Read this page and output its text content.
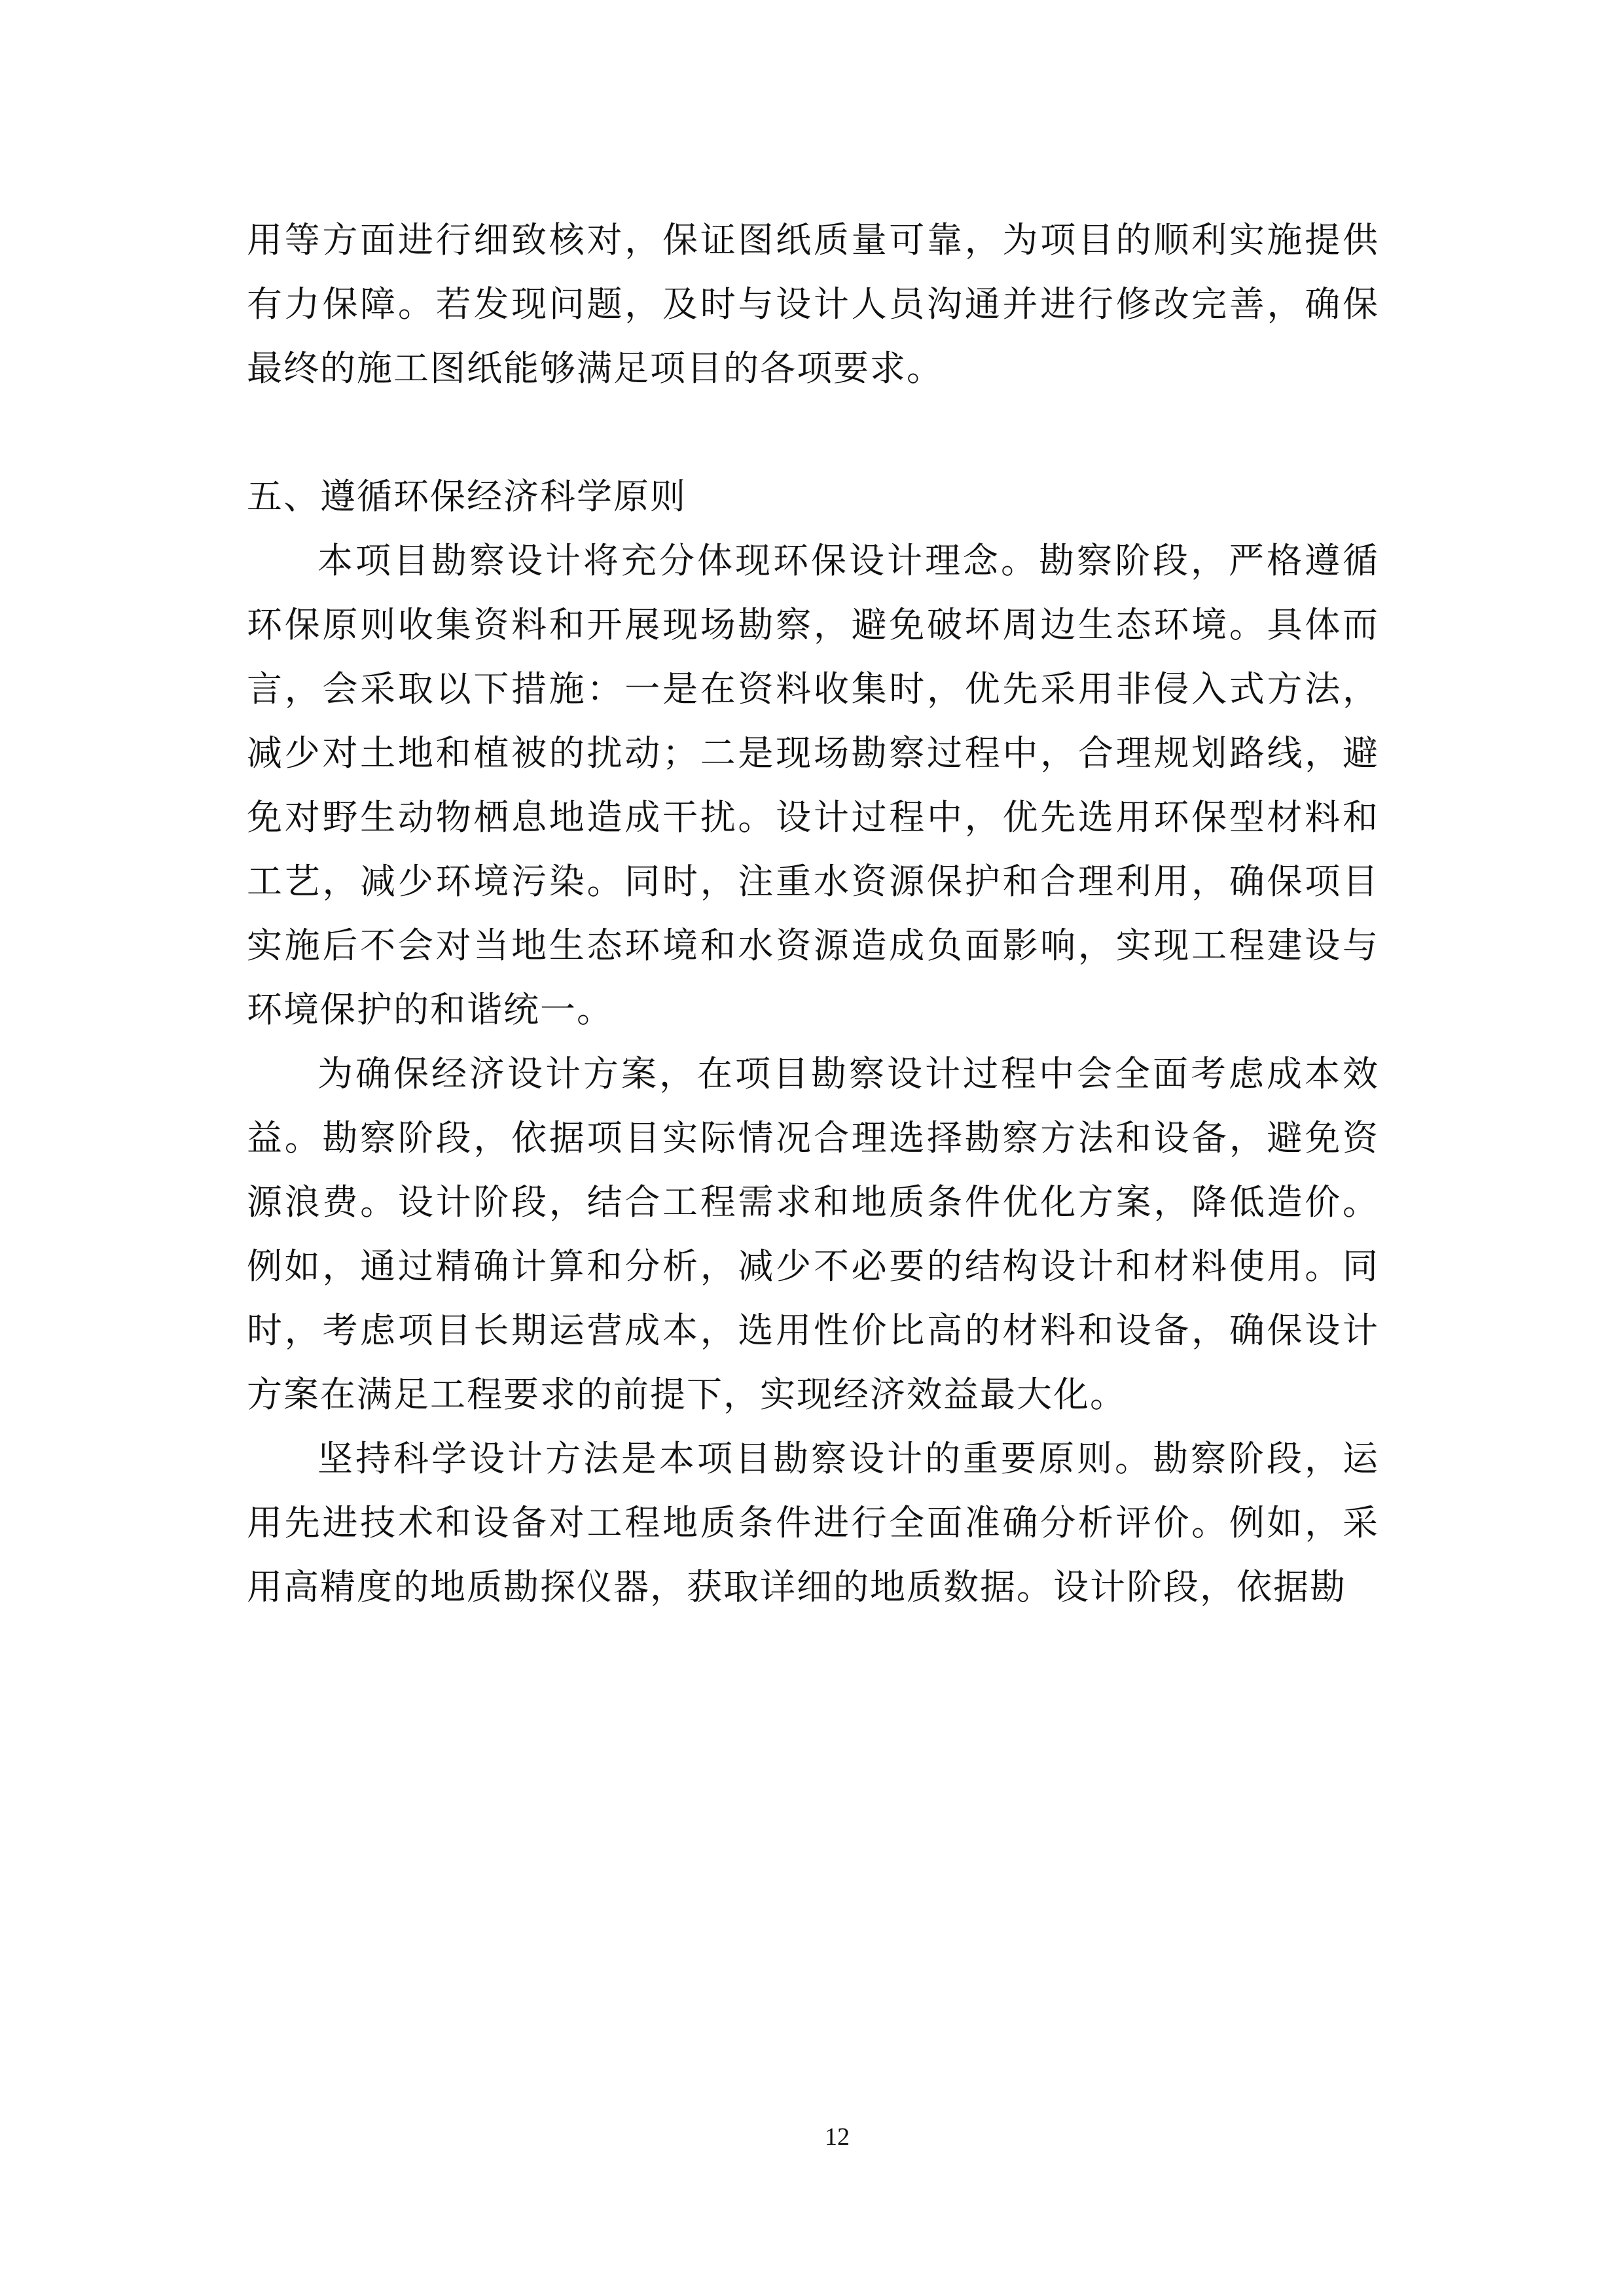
用等方面进行细致核对，保证图纸质量可靠，为项目的顺利实施提供有力保障。若发现问题，及时与设计人员沟通并进行修改完善，确保最终的施工图纸能够满足项目的各项要求。

五、遵循环保经济科学原则

本项目勘察设计将充分体现环保设计理念。勘察阶段，严格遵循环保原则收集资料和开展现场勘察，避免破坏周边生态环境。具体而言，会采取以下措施：一是在资料收集时，优先采用非侵入式方法，减少对土地和植被的扰动；二是现场勘察过程中，合理规划路线，避免对野生动物栖息地造成干扰。设计过程中，优先选用环保型材料和工艺，减少环境污染。同时，注重水资源保护和合理利用，确保项目实施后不会对当地生态环境和水资源造成负面影响，实现工程建设与环境保护的和谐统一。

为确保经济设计方案，在项目勘察设计过程中会全面考虑成本效益。勘察阶段，依据项目实际情况合理选择勘察方法和设备，避免资源浪费。设计阶段，结合工程需求和地质条件优化方案，降低造价。例如，通过精确计算和分析，减少不必要的结构设计和材料使用。同时，考虑项目长期运营成本，选用性价比高的材料和设备，确保设计方案在满足工程要求的前提下，实现经济效益最大化。

坚持科学设计方法是本项目勘察设计的重要原则。勘察阶段，运用先进技术和设备对工程地质条件进行全面准确分析评价。例如，采用高精度的地质勘探仪器，获取详细的地质数据。设计阶段，依据勘

12
